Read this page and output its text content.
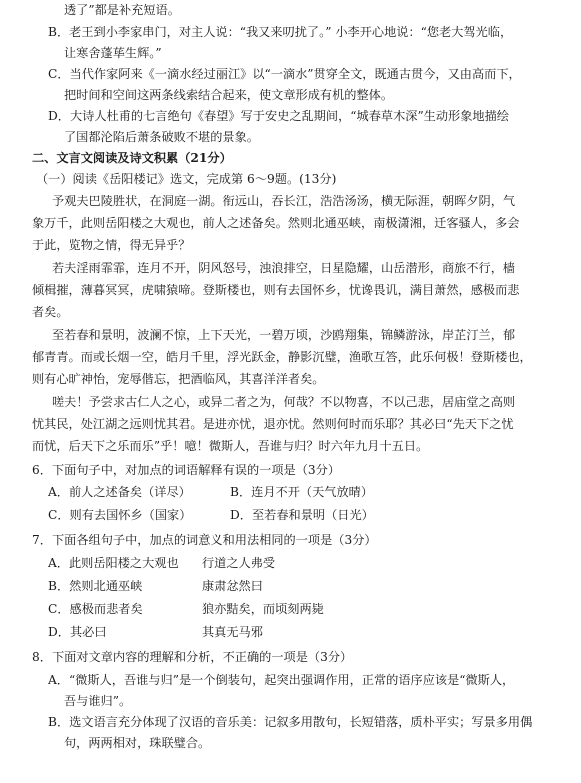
透了”都是补充短语。
B．老王到小李家串门，对主人说：“我又来叨扰了。” 小李开心地说：“您老大驾光临，
让寒舍蓬荜生辉。”
C．当代作家阿来《一滴水经过丽江》以“一滴水”贯穿全文，既通古贯今，又由高而下，
把时间和空间这两条线索结合起来，使文章形成有机的整体。
D．大诗人杜甫的七言绝句《春望》写于安史之乱期间，“城春草木深”生动形象地描绘
了国都沦陷后萧条破败不堪的景象。
二、文言文阅读及诗文积累（21分）
（一）阅读《岳阳楼记》选文，完成第 6～9题。(13分)
予观夫巴陵胜状，在洞庭一湖。衔远山，吞长江，浩浩汤汤，横无际涯，朝晖夕阴，气
象万千，此则岳阳楼之大观也，前人之述备矣。然则北通巫峡，南极潇湘，迁客骚人，多会
于此，览物之情，得无异乎？
若夫淫雨霏霏，连月不开，阴风怒号，浊浪排空，日星隐耀，山岳潜形，商旅不行，樯
倾楫摧，薄暮冥冥，虎啸猿啼。登斯楼也，则有去国怀乡，忧谗畏讥，满目萧然，感极而悲
者矣。
至若春和景明，波澜不惊，上下天光，一碧万顷，沙鸥翔集，锦鳞游泳，岸芷汀兰，郁
郁青青。而或长烟一空，皓月千里，浮光跃金，静影沉璧，渔歌互答，此乐何极！登斯楼也，
则有心旷神怡，宠辱偕忘，把酒临风，其喜洋洋者矣。
嗟夫！予尝求古仁人之心，或异二者之为，何哉？不以物喜，不以己悲，居庙堂之高则
忧其民，处江湖之远则忧其君。是进亦忧，退亦忧。然则何时而乐耶？其必曰“先天下之忧
而忧，后天下之乐而乐”乎！噫！微斯人，吾谁与归？时六年九月十五日。
6．下面句子中，对加点的词语解释有误的一项是（3分）
A．前人之述备矣（详尽）	B．连月不开（天气放晴）
C．则有去国怀乡（国家）	D．至若春和景明（日光）
7．下面各组句子中，加点的词意义和用法相同的一项是（3分）
A．此则岳阳楼之大观也 行道之人弗受
B．然则北通巫峡	康肃忿然曰
C．感极而悲者矣	狼亦黠矣，而顷刻两毙
D．其必曰	其真无马邪
8．下面对文章内容的理解和分析，不正确的一项是（3分）
A．“微斯人，吾谁与归”是一个倒装句，起突出强调作用，正常的语序应该是“微斯人，
吾与谁归”。
B．选文语言充分体现了汉语的音乐美：记叙多用散句，长短错落，质朴平实；写景多用偶
句，两两相对，珠联璧合。
